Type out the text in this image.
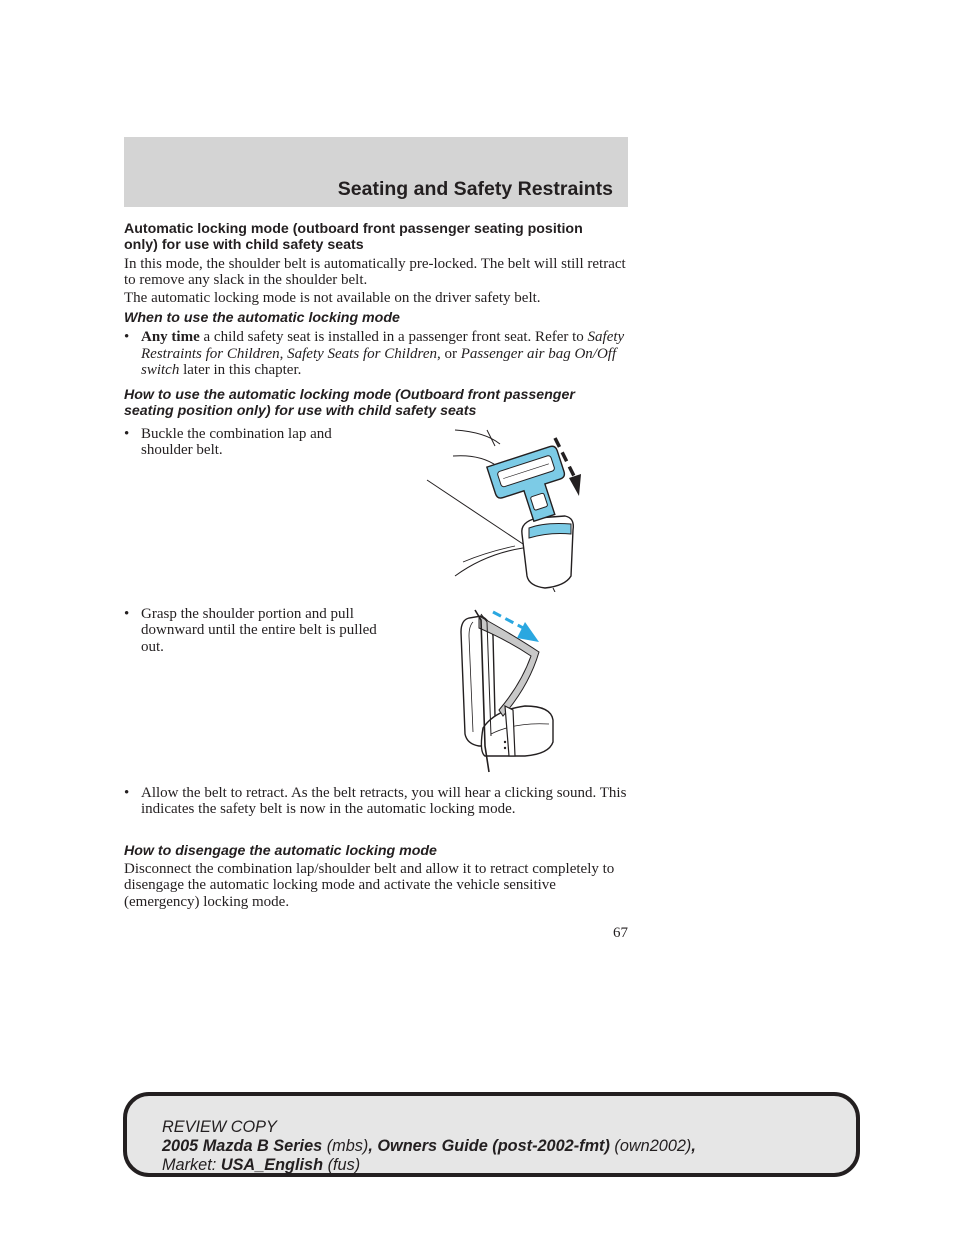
Seating and Safety Restraints

Automatic locking mode (outboard front passenger seating position only) for use with child safety seats

In this mode, the shoulder belt is automatically pre-locked. The belt will still retract to remove any slack in the shoulder belt.

The automatic locking mode is not available on the driver safety belt.

When to use the automatic locking mode

• Any time a child safety seat is installed in a passenger front seat. Refer to Safety Restraints for Children, Safety Seats for Children, or Passenger air bag On/Off switch later in this chapter.

How to use the automatic locking mode (Outboard front passenger seating position only) for use with child safety seats

• Buckle the combination lap and shoulder belt.
• Grasp the shoulder portion and pull downward until the entire belt is pulled out.
• Allow the belt to retract. As the belt retracts, you will hear a clicking sound. This indicates the safety belt is now in the automatic locking mode.

How to disengage the automatic locking mode

Disconnect the combination lap/shoulder belt and allow it to retract completely to disengage the automatic locking mode and activate the vehicle sensitive (emergency) locking mode.

67
REVIEW COPY
2005 Mazda B Series (mbs), Owners Guide (post-2002-fmt) (own2002),
Market: USA_English (fus)
